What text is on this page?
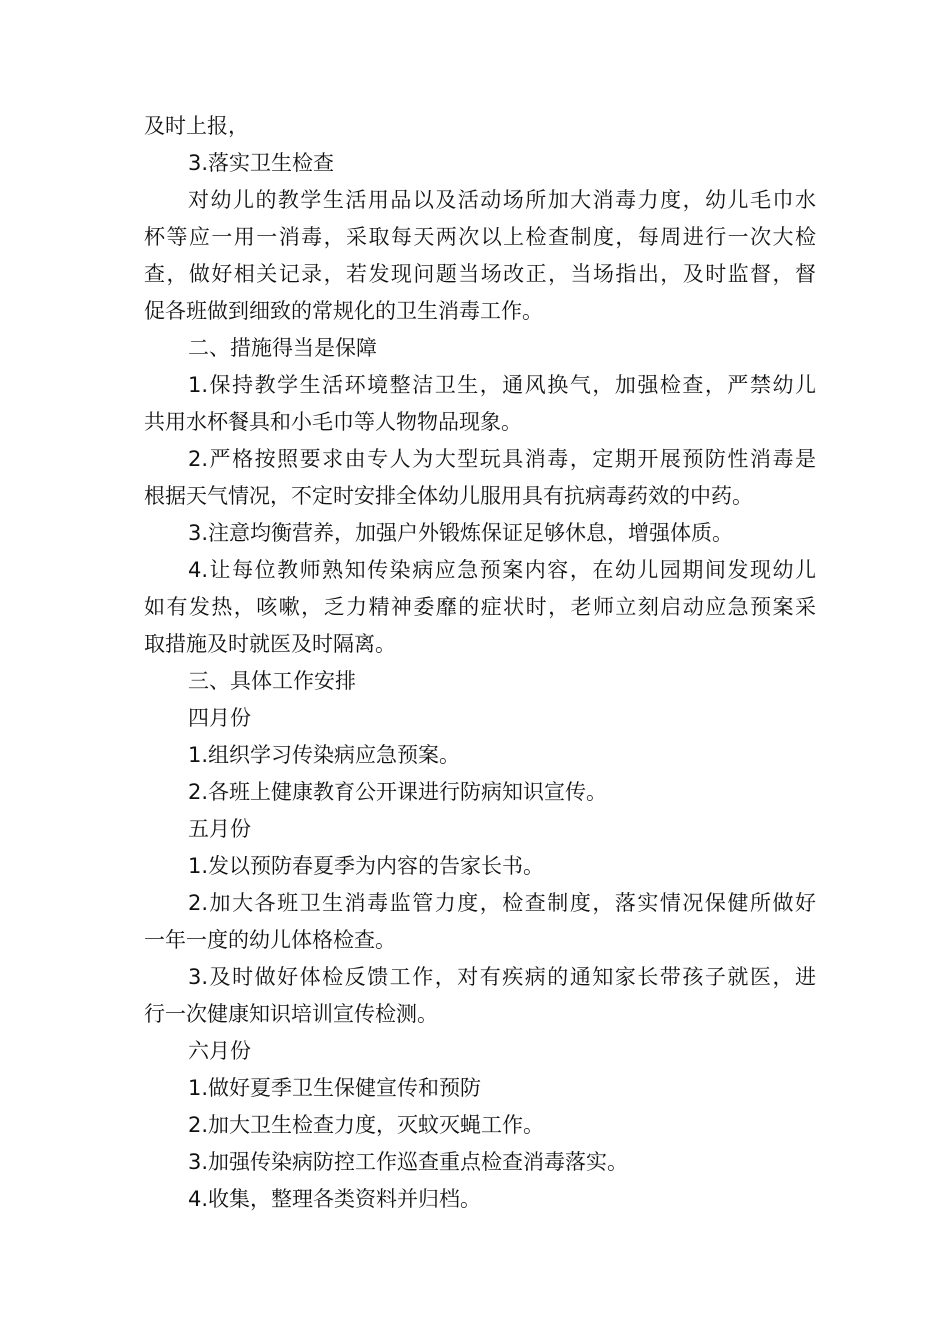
及时上报，
3.落实卫生检查
对幼儿的教学生活用品以及活动场所加大消毒力度，幼儿毛巾水
杯等应一用一消毒，采取每天两次以上检查制度，每周进行一次大检
查，做好相关记录，若发现问题当场改正，当场指出，及时监督，督
促各班做到细致的常规化的卫生消毒工作。
二、措施得当是保障
1.保持教学生活环境整洁卫生，通风换气，加强检查，严禁幼儿
共用水杯餐具和小毛巾等人物物品现象。
2.严格按照要求由专人为大型玩具消毒，定期开展预防性消毒是
根据天气情况，不定时安排全体幼儿服用具有抗病毒药效的中药。
3.注意均衡营养，加强户外锻炼保证足够休息，增强体质。
4.让每位教师熟知传染病应急预案内容，在幼儿园期间发现幼儿
如有发热，咳嗽，乏力精神委靡的症状时，老师立刻启动应急预案采
取措施及时就医及时隔离。
三、具体工作安排
四月份
1.组织学习传染病应急预案。
2.各班上健康教育公开课进行防病知识宣传。
五月份
1.发以预防春夏季为内容的告家长书。
2.加大各班卫生消毒监管力度，检查制度，落实情况保健所做好
一年一度的幼儿体格检查。
3.及时做好体检反馈工作，对有疾病的通知家长带孩子就医，进
行一次健康知识培训宣传检测。
六月份
1.做好夏季卫生保健宣传和预防
2.加大卫生检查力度，灭蚊灭蝇工作。
3.加强传染病防控工作巡查重点检查消毒落实。
4.收集，整理各类资料并归档。
